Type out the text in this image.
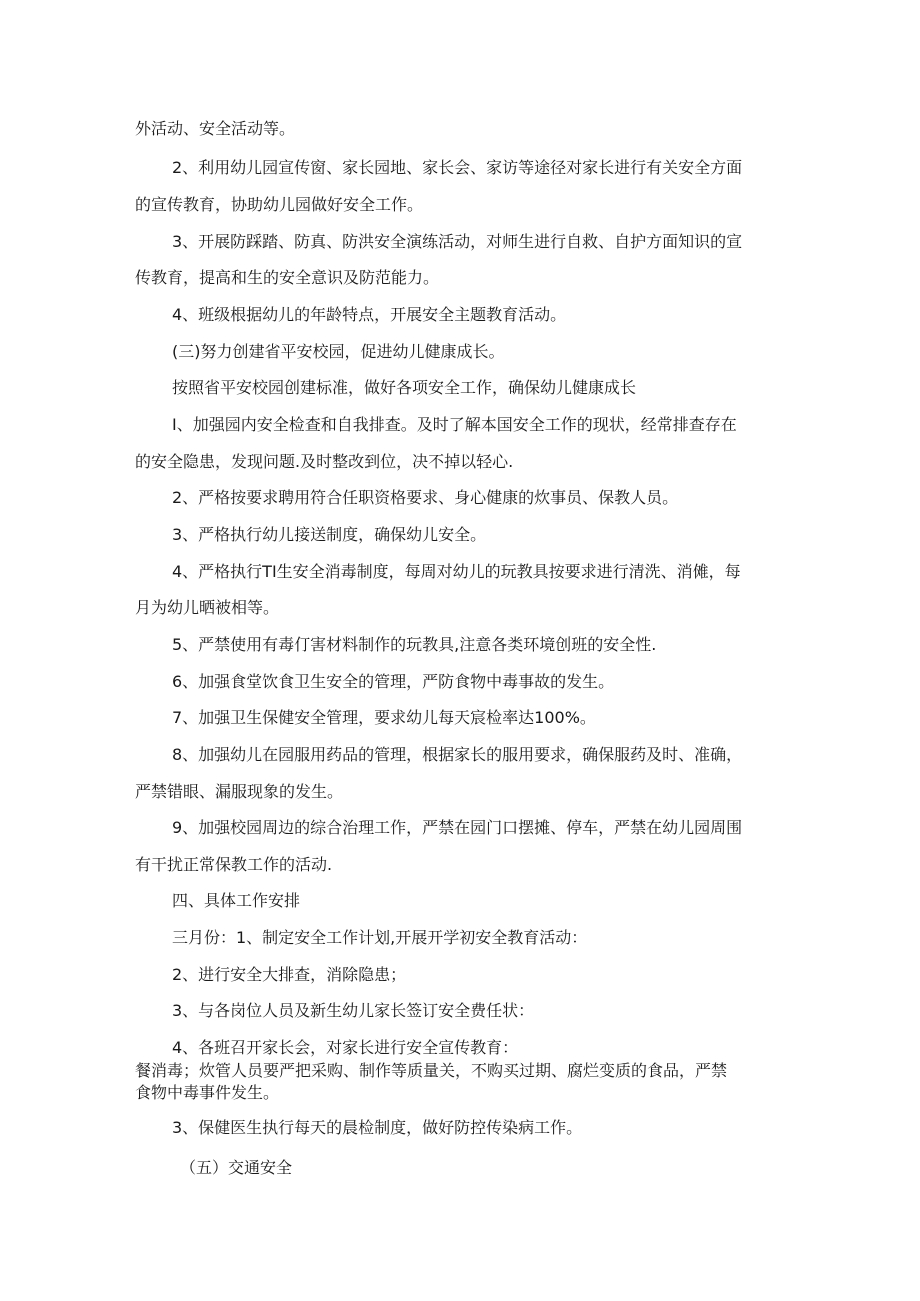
外活动、安全活动等。

2、利用幼儿园宣传窗、家长园地、家长会、家访等途径对家长进行有关安全方面

的宣传教育，协助幼儿园做好安全工作。

3、开展防踩踏、防真、防洪安全演练活动，对师生进行自救、自护方面知识的宣

传教育，提高和生的安全意识及防范能力。

4、班级根据幼儿的年龄特点，开展安全主题教育活动。

(三)努力创建省平安校园，促进幼儿健康成长。

按照省平安校园创建标准，做好各项安全工作，确保幼儿健康成长

I、加强园内安全检查和自我排查。及时了解本国安全工作的现状，经常排查存在

的安全隐患，发现问题.及时整改到位，决不掉以轻心.

2、严格按要求聘用符合任职资格要求、身心健康的炊事员、保教人员。

3、严格执行幼儿接送制度，确保幼儿安全。

4、严格执行TI生安全消毒制度，每周对幼儿的玩教具按要求进行清洗、消傩，每

月为幼儿晒被相等。

5、严禁使用有毒仃害材料制作的玩教具,注意各类环境创班的安全性.

6、加强食堂饮食卫生安全的管理，严防食物中毒事故的发生。

7、加强卫生保健安全管理，要求幼儿每天宸检率达100%。

8、加强幼儿在园服用药品的管理，根据家长的服用要求，确保服药及时、准确，

严禁错眼、漏服现象的发生。

9、加强校园周边的综合治理工作，严禁在园门口摆摊、停车，严禁在幼儿园周围

有干扰正常保教工作的活动.

四、具体工作安排

三月份：1、制定安全工作计划,开展开学初安全教育活动：

2、进行安全大排查，消除隐患；

3、与各岗位人员及新生幼儿家长签订安全费任状：

4、各班召开家长会，对家长进行安全宣传教育：

餐消毒；炊管人员要严把采购、制作等质量关，不购买过期、腐烂变质的食品，严禁

食物中毒事件发生。

3、保健医生执行每天的晨检制度，做好防控传染病工作。

（五）交通安全
